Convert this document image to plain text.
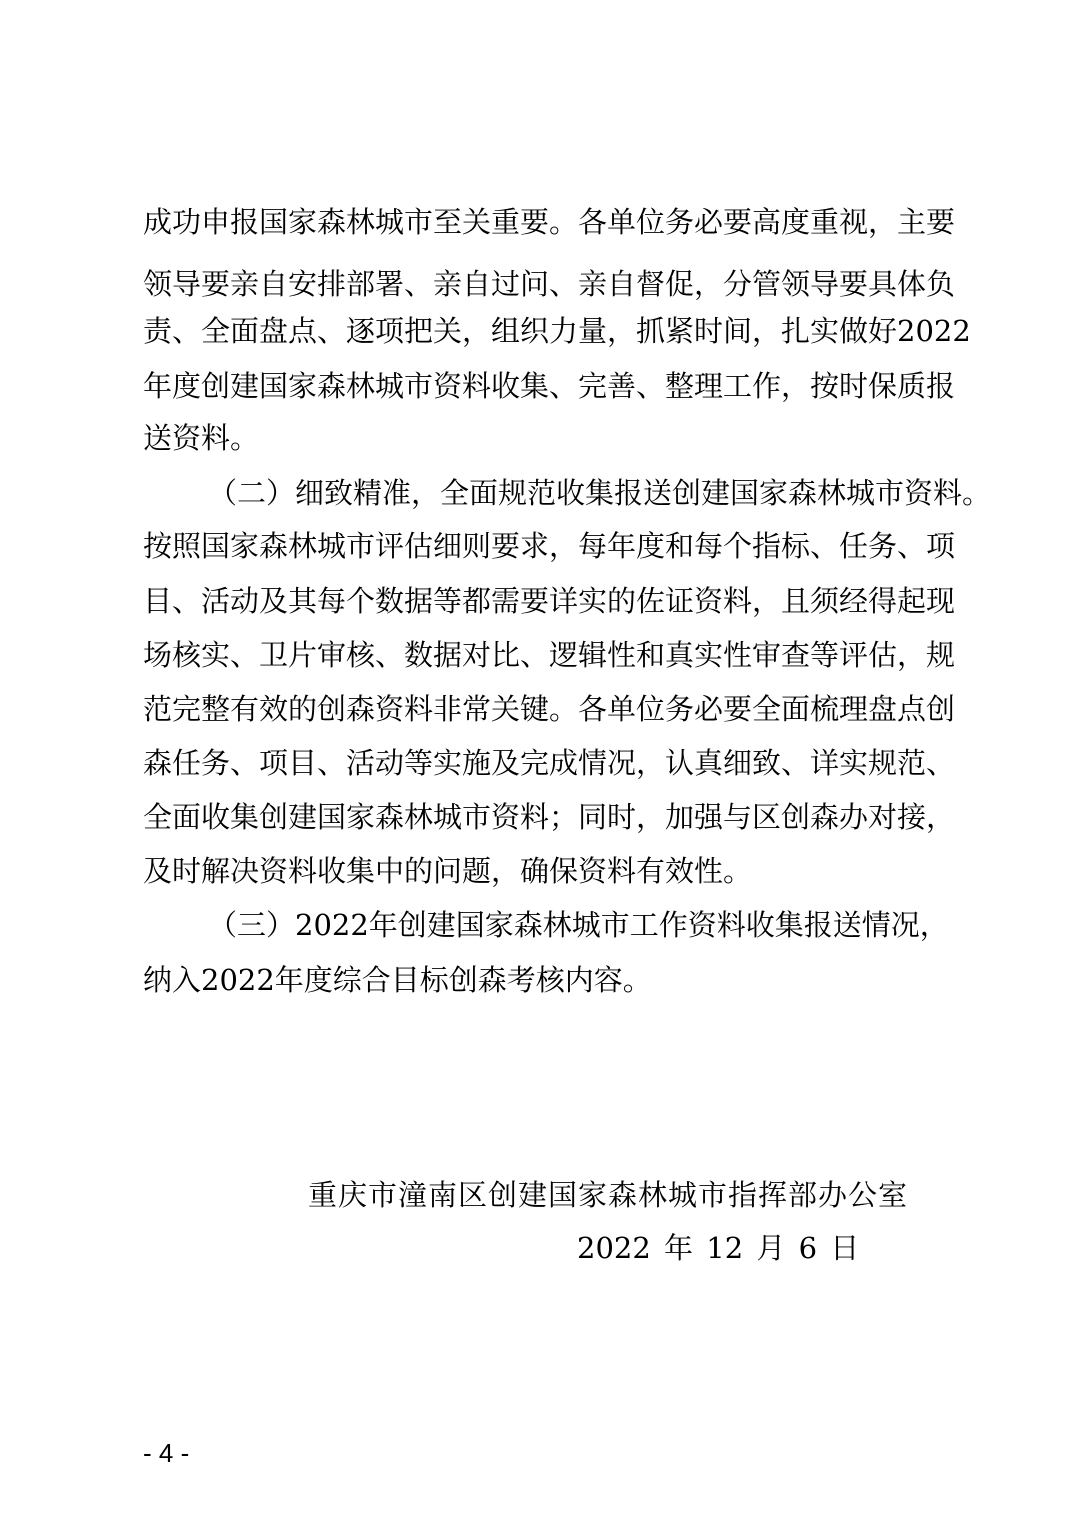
成功申报国家森林城市至关重要。各单位务必要高度重视，主要
领导要亲自安排部署、亲自过问、亲自督促，分管领导要具体负
责、全面盘点、逐项把关，组织力量，抓紧时间，扎实做好2022
年度创建国家森林城市资料收集、完善、整理工作，按时保质报
送资料。
（二）细致精准，全面规范收集报送创建国家森林城市资料。
按照国家森林城市评估细则要求，每年度和每个指标、任务、项
目、活动及其每个数据等都需要详实的佐证资料，且须经得起现
场核实、卫片审核、数据对比、逻辑性和真实性审查等评估，规
范完整有效的创森资料非常关键。各单位务必要全面梳理盘点创
森任务、项目、活动等实施及完成情况，认真细致、详实规范、
全面收集创建国家森林城市资料；同时，加强与区创森办对接，
及时解决资料收集中的问题，确保资料有效性。
（三）2022年创建国家森林城市工作资料收集报送情况，
纳入2022年度综合目标创森考核内容。
重庆市潼南区创建国家森林城市指挥部办公室
2022 年 12 月 6 日
- 4 -
